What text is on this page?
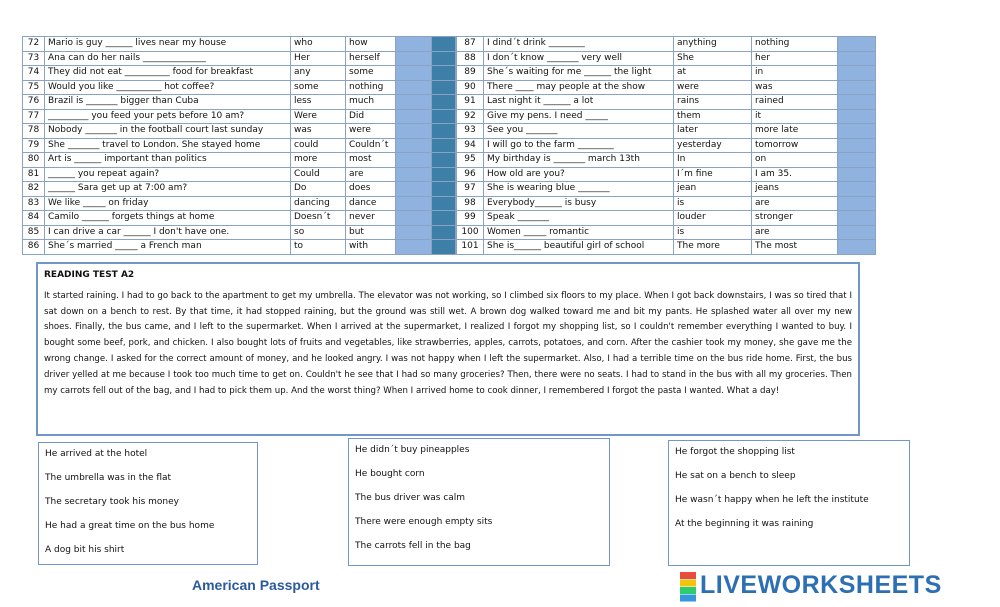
72	Mario is guy ______ lives near my house	who	how		
73	Ana can do her nails ______________	Her	herself		
74	They did not eat __________ food for breakfast	any	some		
75	Would you like __________ hot coffee?	some	nothing		
76	Brazil is _______ bigger than Cuba	less	much		
77	_________ you feed your pets before 10 am?	Were	Did		
78	Nobody _______ in the football court last sunday	was	were		
79	She _______ travel to London. She stayed home	could	Couldn´t		
80	Art is ______ important than politics	more	most		
81	______ you repeat again?	Could	are		
82	______ Sara get up at 7:00 am?	Do	does		
83	We like _____ on friday	dancing	dance		
84	Camilo ______ forgets things at home	Doesn´t	never		
85	I can drive a car ______ I don't have one.	so	but		
86	She´s married _____ a French man	to	with		
87	I dind´t drink ________	anything	nothing	
88	I don´t know _______ very well	She	her	
89	She´s waiting for me ______ the light	at	in	
90	There ____ may people at the show	were	was	
91	Last night it ______ a lot	rains	rained	
92	Give my pens. I need _____	them	it	
93	See you _______	later	more late	
94	I will go to the farm ________	yesterday	tomorrow	
95	My birthday is _______ march 13th	In	on	
96	How old are you?	I´m fine	I am 35.	
97	She is wearing blue _______	jean	jeans	
98	Everybody______ is busy	is	are	
99	Speak _______	louder	stronger	
100	Women _____ romantic	is	are	
101	She is______ beautiful girl of school	The more	The most	
READING TEST A2
It started raining. I had to go back to the apartment to get my umbrella. The elevator was not working, so I climbed six floors to my place. When I got back downstairs, I was so tired that I sat down on a bench to rest. By that time, it had stopped raining, but the ground was still wet. A brown dog walked toward me and bit my pants. He splashed water all over my new shoes. Finally, the bus came, and I left to the supermarket. When I arrived at the supermarket, I realized I forgot my shopping list, so I couldn't remember everything I wanted to buy. I bought some beef, pork, and chicken. I also bought lots of fruits and vegetables, like strawberries, apples, carrots, potatoes, and corn. After the cashier took my money, she gave me the wrong change. I asked for the correct amount of money, and he looked angry. I was not happy when I left the supermarket. Also, I had a terrible time on the bus ride home. First, the bus driver yelled at me because I took too much time to get on. Couldn't he see that I had so many groceries? Then, there were no seats. I had to stand in the bus with all my groceries. Then my carrots fell out of the bag, and I had to pick them up. And the worst thing? When I arrived home to cook dinner, I remembered I forgot the pasta I wanted. What a day!
He arrived at the hotel
The umbrella was in the flat
The secretary took his money
He had a great time on the bus home
A dog bit his shirt
He didn´t buy pineapples
He bought corn
The bus driver was calm
There were enough empty sits
The carrots fell in the bag
He forgot the shopping list
He sat on a bench to sleep
He wasn´t happy when he left the institute
At the beginning it was raining
American Passport	LIVEWORKSHEETS
